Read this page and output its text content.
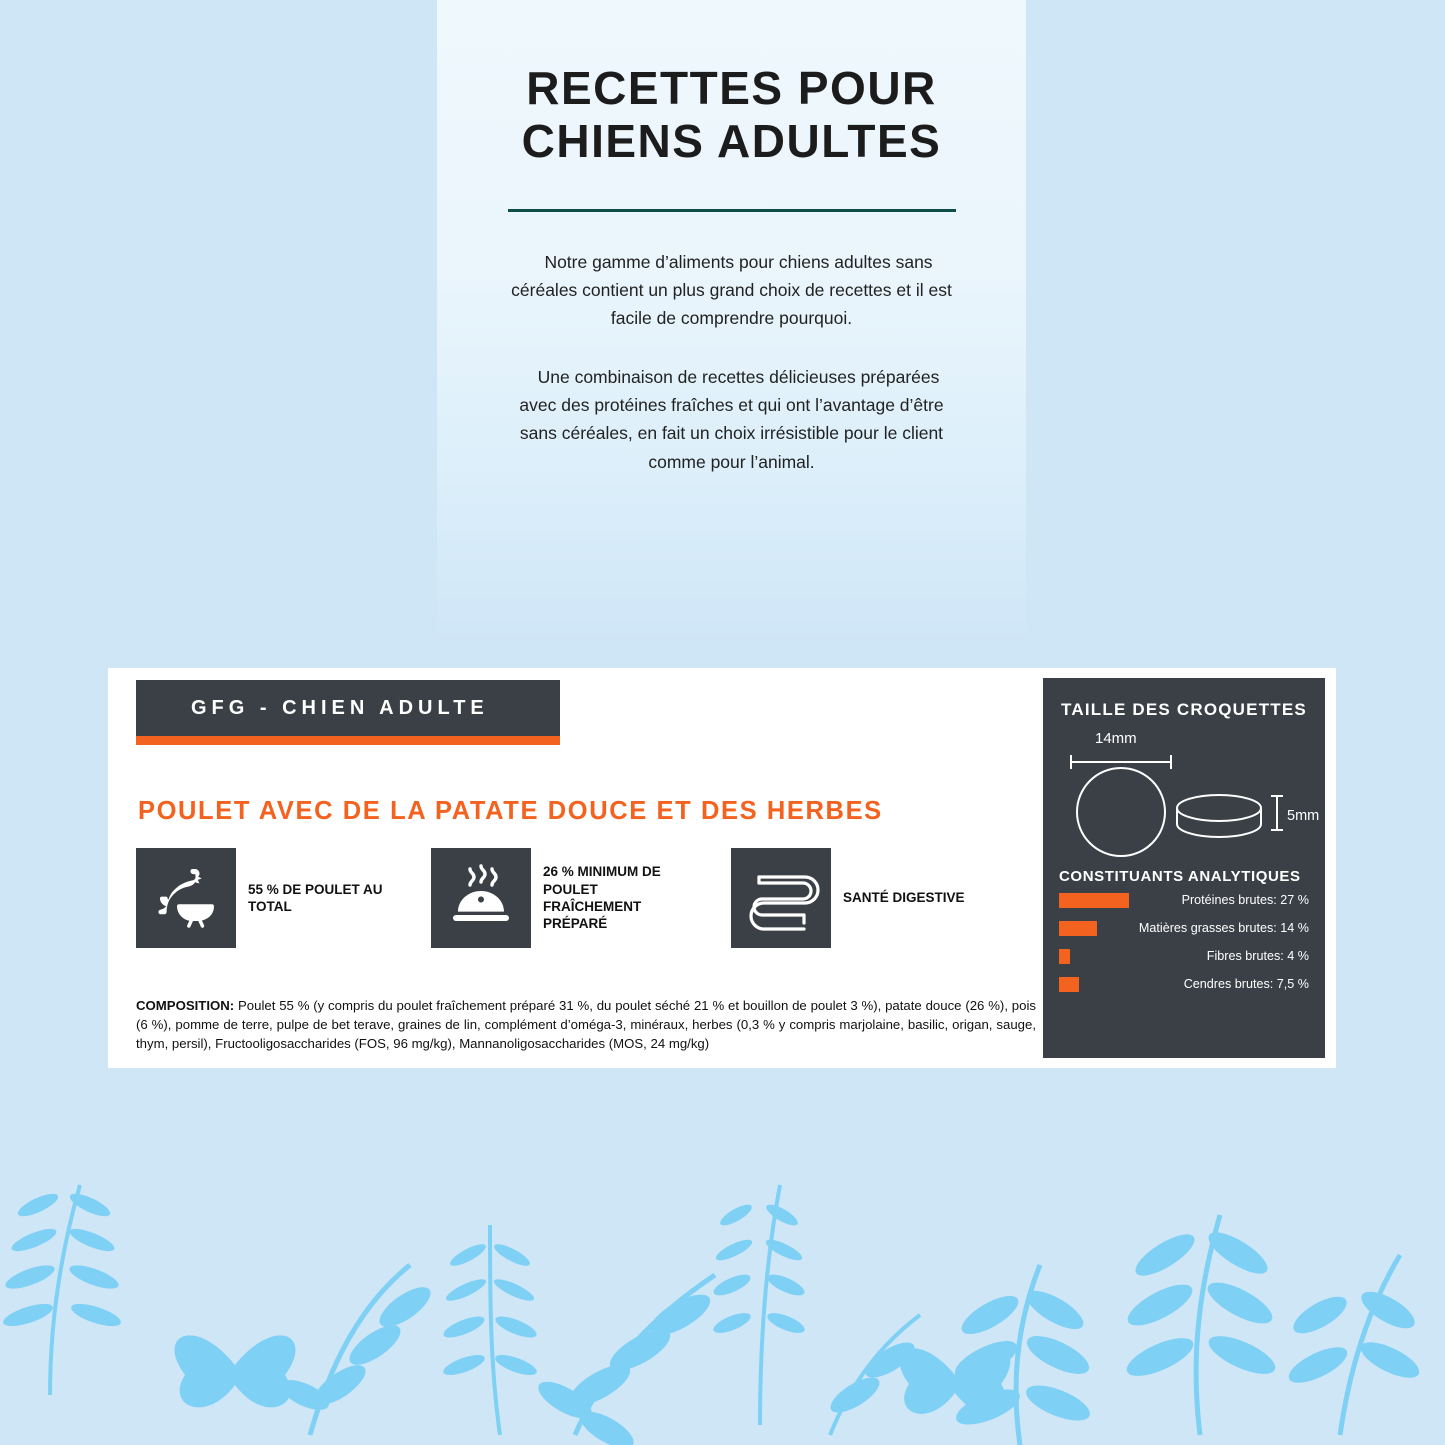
RECETTES POUR
CHIENS ADULTES

Notre gamme d’aliments pour chiens adultes sans céréales contient un plus grand choix de recettes et il est facile de comprendre pourquoi.

Une combinaison de recettes délicieuses préparées avec des protéines fraîches et qui ont l’avantage d’être sans céréales, en fait un choix irrésistible pour le client comme pour l’animal.

GFG - CHIEN ADULTE
POULET AVEC DE LA PATATE DOUCE ET DES HERBES
55 % DE POULET AU TOTAL
26 % MINIMUM DE POULET FRAÎCHEMENT PRÉPARÉ
SANTÉ DIGESTIVE

COMPOSITION: Poulet 55 % (y compris du poulet fraîchement préparé 31 %, du poulet séché 21 % et bouillon de poulet 3 %), patate douce (26 %), pois (6 %), pomme de terre, pulpe de bet terave, graines de lin, complément d’oméga-3, minéraux, herbes (0,3 % y compris marjolaine, basilic, origan, sauge, thym, persil), Fructooligosaccharides (FOS, 96 mg/kg), Mannanoligosaccharides (MOS, 24 mg/kg)

TAILLE DES CROQUETTES
14mm
5mm
CONSTITUANTS ANALYTIQUES
Protéines brutes: 27 %
Matières grasses brutes: 14 %
Fibres brutes: 4 %
Cendres brutes: 7,5 %
